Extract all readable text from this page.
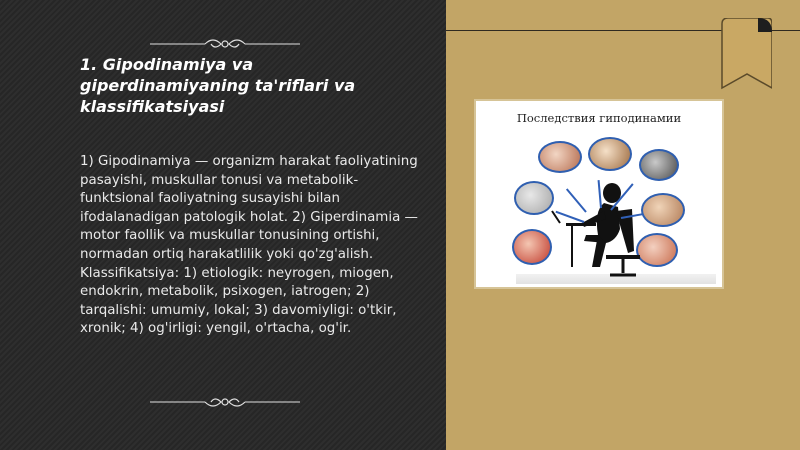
1. Gipodinamiya va giperdinamiyaning ta'riflari va klassifikatsiyasi

1) Gipodinamiya — organizm harakat faoliyatining pasayishi, muskullar tonusi va metabolik-funktsional faoliyatning susayishi bilan ifodalanadigan patologik holat. 2) Giperdinamia — motor faollik va muskullar tonusining ortishi, normadan ortiq harakatlilik yoki qo'zg'alish. Klassifikatsiya: 1) etiologik: neyrogen, miogen, endokrin, metabolik, psixogen, iatrogen; 2) tarqalishi: umumiy, lokal; 3) davomiyligi: o'tkir, xronik; 4) og'irligi: yengil, o'rtacha, og'ir.

Последствия гиподинамии
